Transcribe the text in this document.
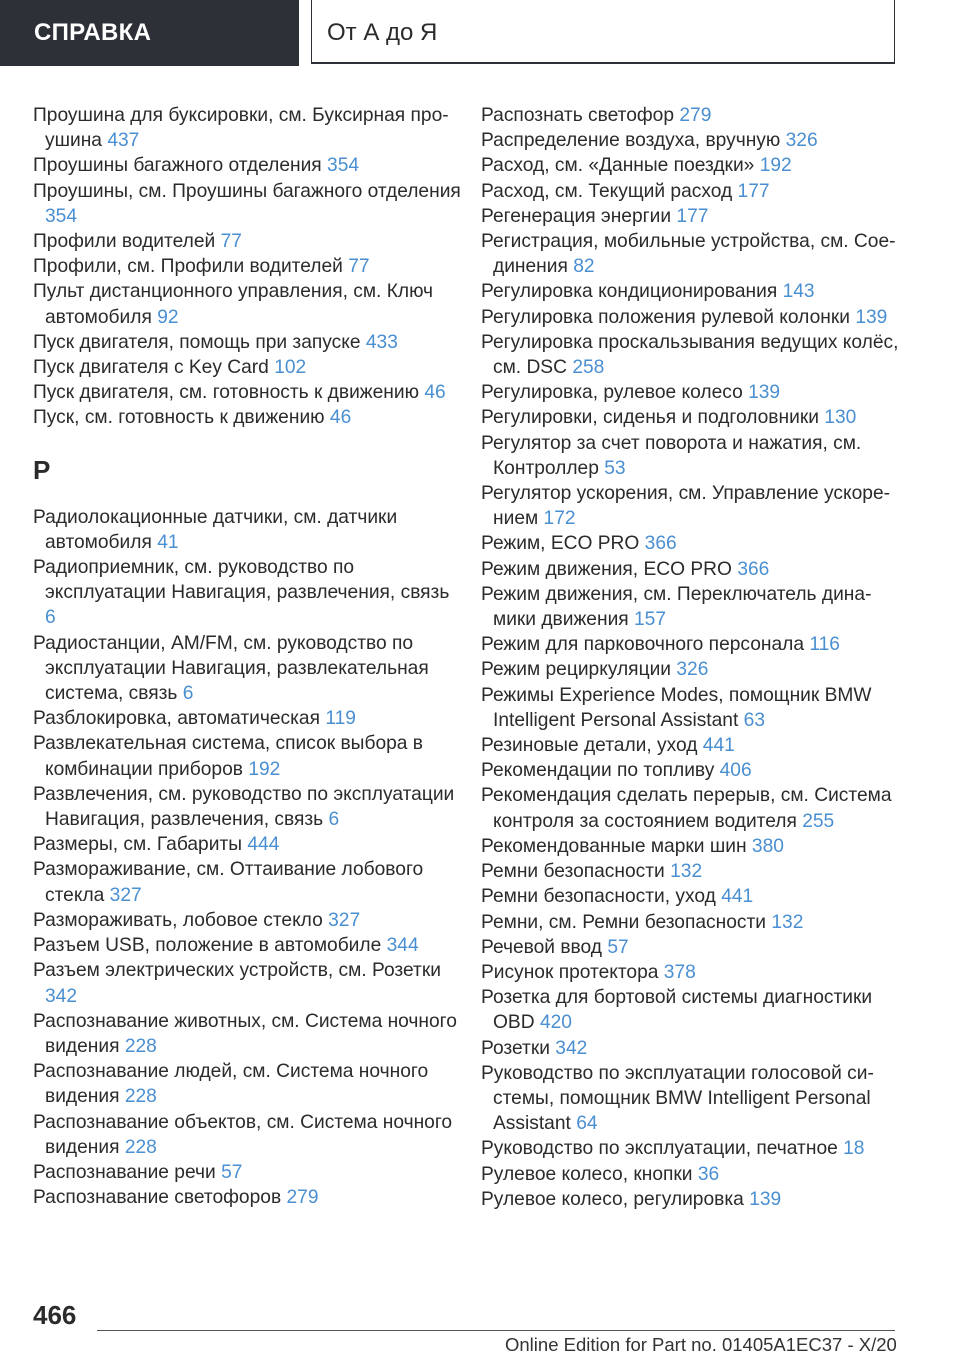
СПРАВКА	От А до Я
Проушина для буксировки, см. Буксирная проушина 437
Проушины багажного отделения 354
Проушины, см. Проушины багажного отделения 354
Профили водителей 77
Профили, см. Профили водителей 77
Пульт дистанционного управления, см. Ключ автомобиля 92
Пуск двигателя, помощь при запуске 433
Пуск двигателя с Key Card 102
Пуск двигателя, см. готовность к движению 46
Пуск, см. готовность к движению 46
Р
Радиолокационные датчики, см. датчики автомобиля 41
Радиоприемник, см. руководство по эксплуатации Навигация, развлечения, связь 6
Радиостанции, AM/FM, см. руководство по эксплуатации Навигация, развлекательная система, связь 6
Разблокировка, автоматическая 119
Развлекательная система, список выбора в комбинации приборов 192
Развлечения, см. руководство по эксплуатации Навигация, развлечения, связь 6
Размеры, см. Габариты 444
Размораживание, см. Оттаивание лобового стекла 327
Размораживать, лобовое стекло 327
Разъем USB, положение в автомобиле 344
Разъем электрических устройств, см. Розетки 342
Распознавание животных, см. Система ночного видения 228
Распознавание людей, см. Система ночного видения 228
Распознавание объектов, см. Система ночного видения 228
Распознавание речи 57
Распознавание светофоров 279
Распознать светофор 279
Распределение воздуха, вручную 326
Расход, см. «Данные поездки» 192
Расход, см. Текущий расход 177
Регенерация энергии 177
Регистрация, мобильные устройства, см. Соединения 82
Регулировка кондиционирования 143
Регулировка положения рулевой колонки 139
Регулировка проскальзывания ведущих колёс, см. DSC 258
Регулировка, рулевое колесо 139
Регулировки, сиденья и подголовники 130
Регулятор за счет поворота и нажатия, см. Контроллер 53
Регулятор ускорения, см. Управление ускорением 172
Режим, ECO PRO 366
Режим движения, ECO PRO 366
Режим движения, см. Переключатель динамики движения 157
Режим для парковочного персонала 116
Режим рециркуляции 326
Режимы Experience Modes, помощник BMW Intelligent Personal Assistant 63
Резиновые детали, уход 441
Рекомендации по топливу 406
Рекомендация сделать перерыв, см. Система контроля за состоянием водителя 255
Рекомендованные марки шин 380
Ремни безопасности 132
Ремни безопасности, уход 441
Ремни, см. Ремни безопасности 132
Речевой ввод 57
Рисунок протектора 378
Розетка для бортовой системы диагностики OBD 420
Розетки 342
Руководство по эксплуатации голосовой системы, помощник BMW Intelligent Personal Assistant 64
Руководство по эксплуатации, печатное 18
Рулевое колесо, кнопки 36
Рулевое колесо, регулировка 139
466
Online Edition for Part no. 01405A1EC37 - X/20
